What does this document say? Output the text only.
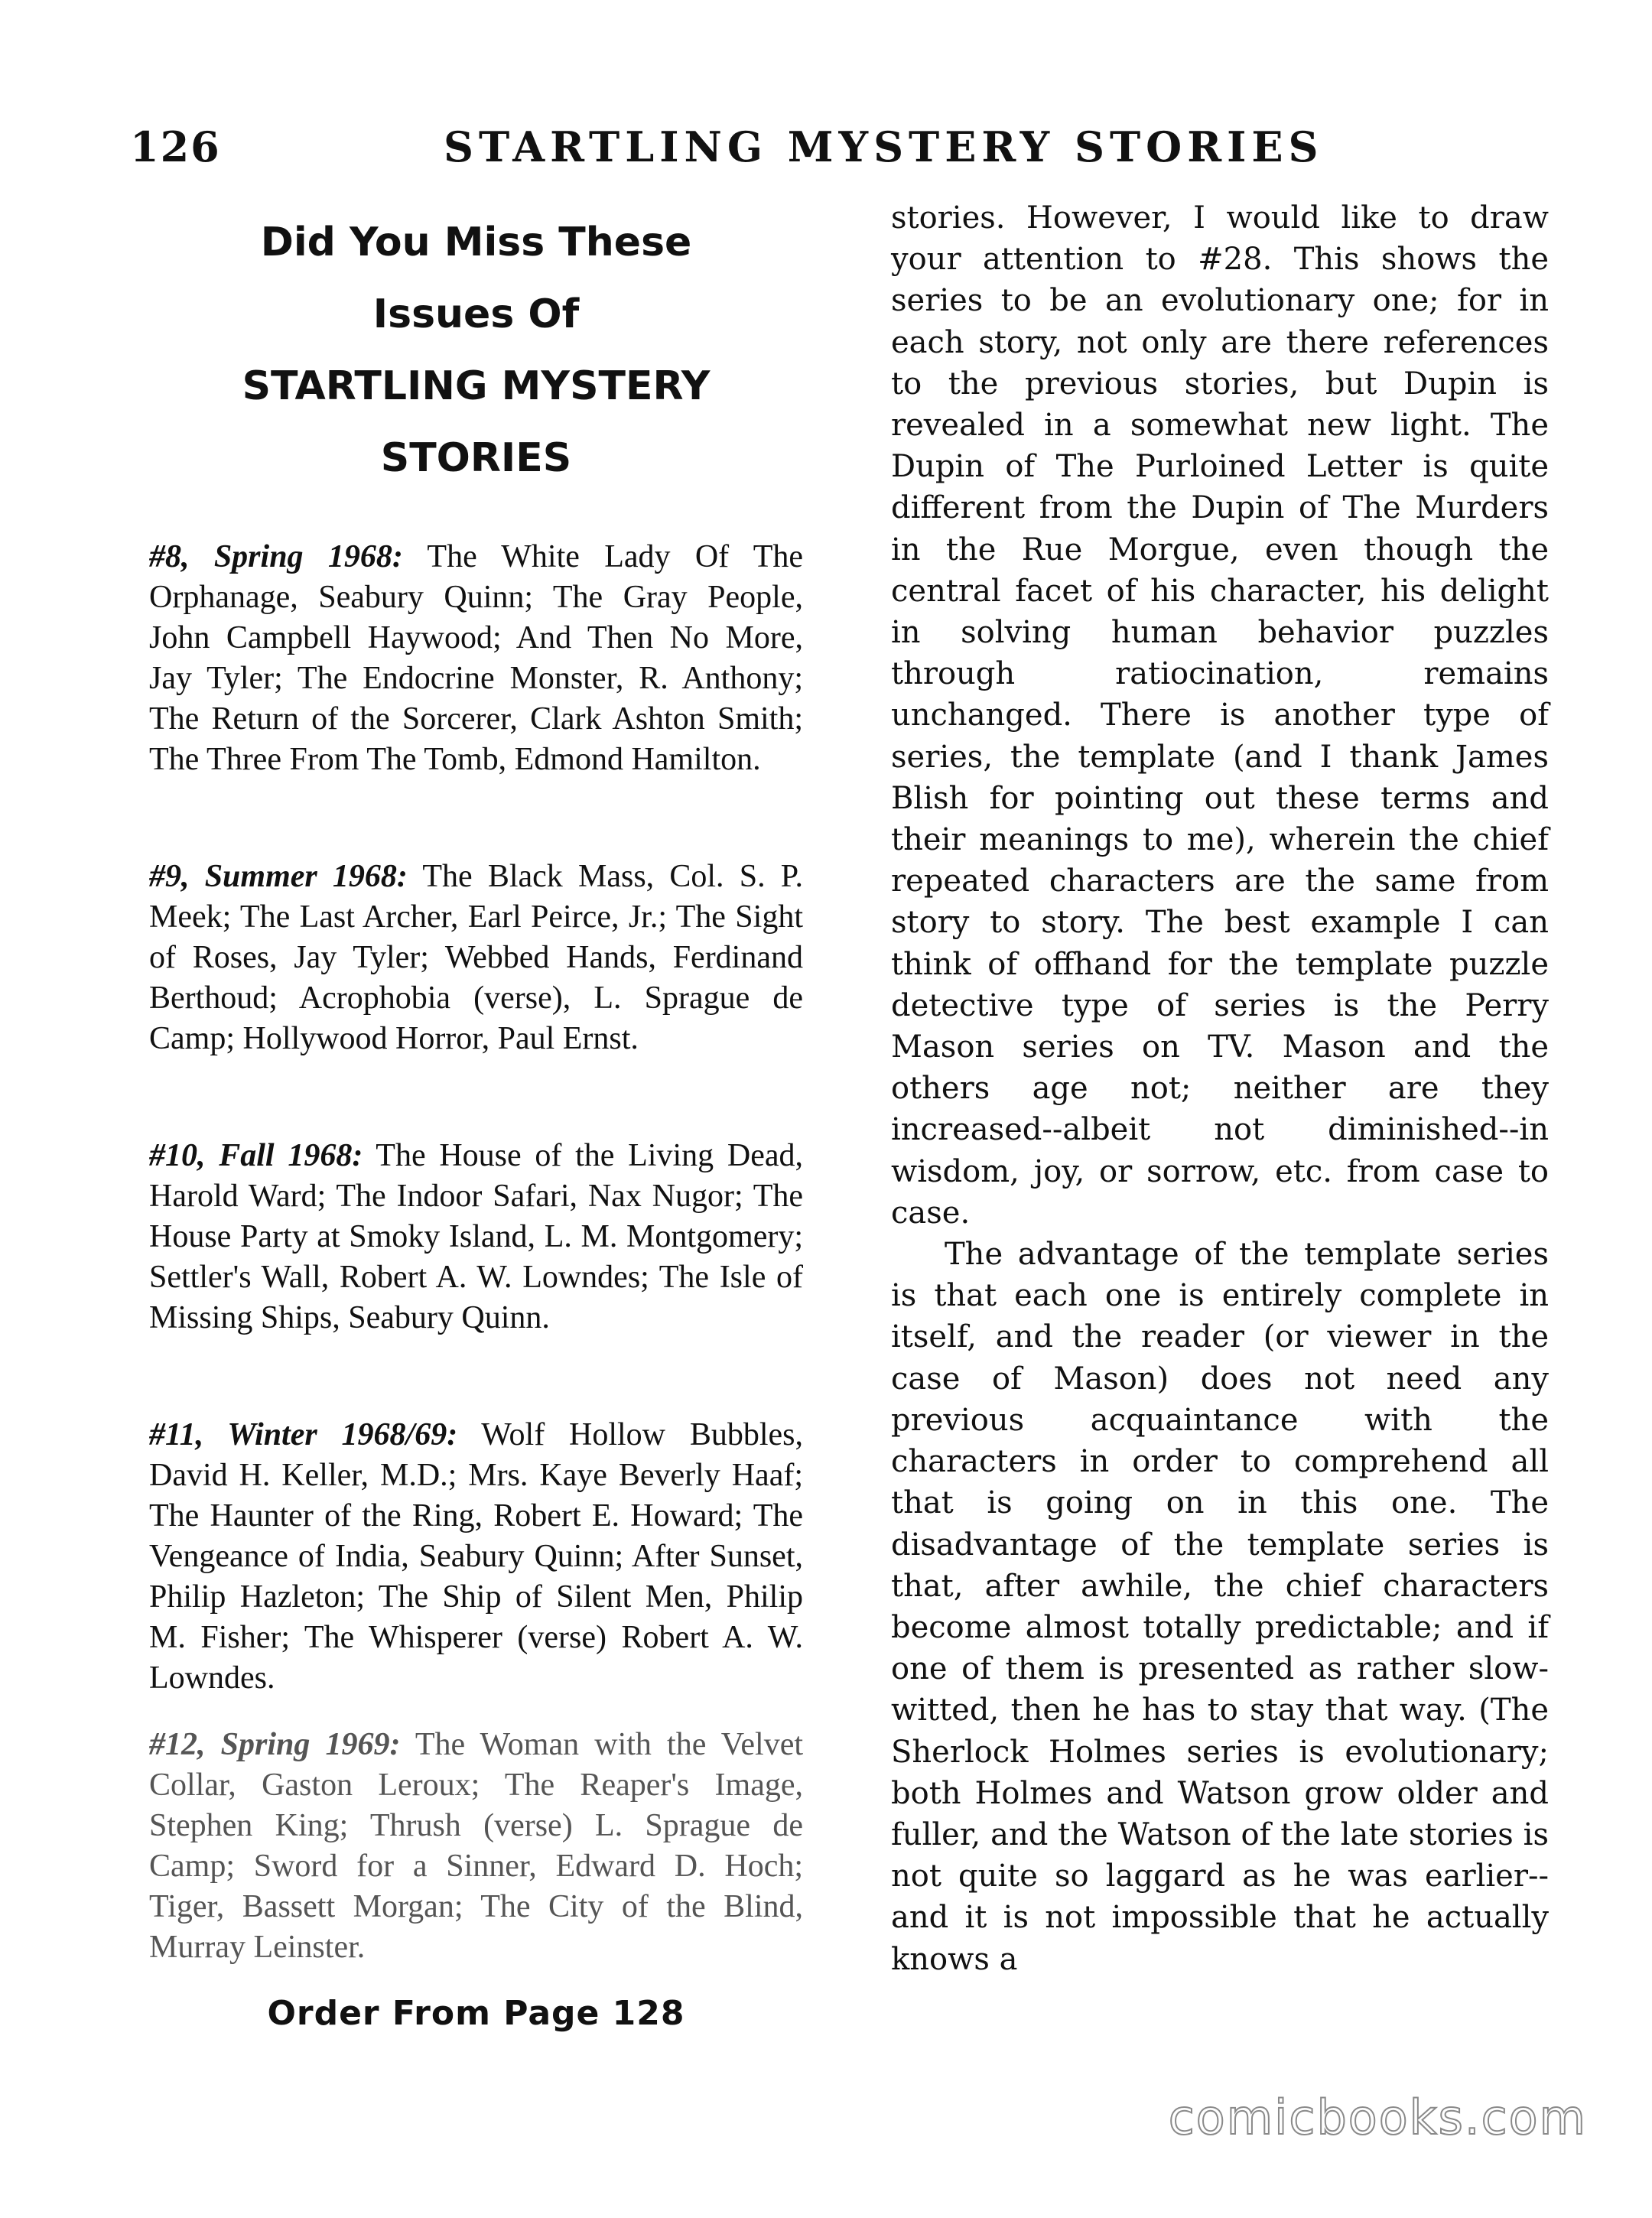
126	STARTLING MYSTERY STORIES
Did You Miss These
Issues Of
STARTLING MYSTERY
STORIES
#8, Spring 1968: The White Lady Of The Orphanage, Seabury Quinn; The Gray People, John Campbell Haywood; And Then No More, Jay Tyler; The Endocrine Monster, R. Anthony; The Return of the Sorcerer, Clark Ashton Smith; The Three From The Tomb, Edmond Hamilton.
#9, Summer 1968: The Black Mass, Col. S. P. Meek; The Last Archer, Earl Peirce, Jr.; The Sight of Roses, Jay Tyler; Webbed Hands, Ferdinand Berthoud; Acrophobia (verse), L. Sprague de Camp; Hollywood Horror, Paul Ernst.
#10, Fall 1968: The House of the Living Dead, Harold Ward; The Indoor Safari, Nax Nugor; The House Party at Smoky Island, L. M. Montgomery; Settler's Wall, Robert A. W. Lowndes; The Isle of Missing Ships, Seabury Quinn.
#11, Winter 1968/69: Wolf Hollow Bubbles, David H. Keller, M.D.; Mrs. Kaye Beverly Haaf; The Haunter of the Ring, Robert E. Howard; The Vengeance of India, Seabury Quinn; After Sunset, Philip Hazleton; The Ship of Silent Men, Philip M. Fisher; The Whisperer (verse) Robert A. W. Lowndes.
#12, Spring 1969: The Woman with the Velvet Collar, Gaston Leroux; The Reaper's Image, Stephen King; Thrush (verse) L. Sprague de Camp; Sword for a Sinner, Edward D. Hoch; Tiger, Bassett Morgan; The City of the Blind, Murray Leinster.
Order From Page 128

stories. However, I would like to draw your attention to #28. This shows the series to be an evolutionary one; for in each story, not only are there references to the previous stories, but Dupin is revealed in a somewhat new light. The Dupin of The Purloined Letter is quite different from the Dupin of The Murders in the Rue Morgue, even though the central facet of his character, his delight in solving human behavior puzzles through ratiocination, remains unchanged. There is another type of series, the template (and I thank James Blish for pointing out these terms and their meanings to me), wherein the chief repeated characters are the same from story to story. The best example I can think of offhand for the template puzzle detective type of series is the Perry Mason series on TV. Mason and the others age not; neither are they increased--albeit not diminished--in wisdom, joy, or sorrow, etc. from case to case.

The advantage of the template series is that each one is entirely complete in itself, and the reader (or viewer in the case of Mason) does not need any previous acquaintance with the characters in order to comprehend all that is going on in this one. The disadvantage of the template series is that, after awhile, the chief characters become almost totally predictable; and if one of them is presented as rather slow-witted, then he has to stay that way. (The Sherlock Holmes series is evolutionary; both Holmes and Watson grow older and fuller, and the Watson of the late stories is not quite so laggard as he was earlier--and it is not impossible that he actually knows a

comicbooks.com
